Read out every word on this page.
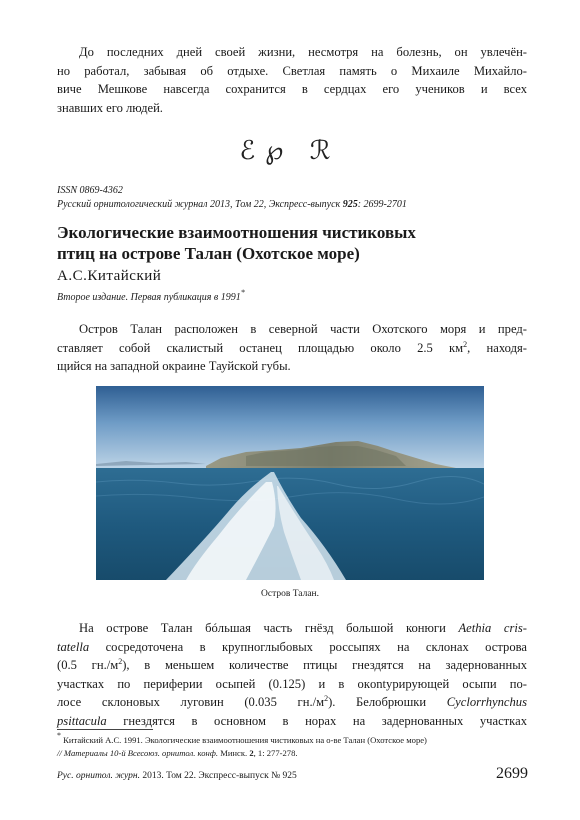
До последних дней своей жизни, несмотря на болезнь, он увлечён-
но работал, забывая об отдыхе. Светлая память о Михаиле Михайло-
виче Мешкове навсегда сохранится в сердцах его учеников и всех
знавших его людей.
ℰ℘ ℛ
ISSN 0869-4362
Русский орнитологический журнал 2013, Том 22, Экспресс-выпуск 925: 2699-2701
Экологические взаимоотношения чистиковых
птиц на острове Талан (Охотское море)
А.С.Китайский
Второе издание. Первая публикация в 1991*
Остров Талан расположен в северной части Охотского моря и пред-
ставляет собой скалистый останец площадью около 2.5 $км^2$, находя-
щийся на западной окраине Тауйской губы.
Остров Талан.
На острове Талан бóльшая часть гнёзд большой конюги Aethia cris-
tatella сосредоточена в крупноглыбовых россыпях на склонах острова
(0.5 $гн./м^2$), в меньшем количестве птицы гнездятся на задернованных
участках по периферии осыпей (0.125) и в окontурирующей осыпи по-
лосе склоновых луговин (0.035 $гн./м^2$). Белобрюшки Cyclorrhynchus
psittacula гнездятся в основном в норах на задернованных участках
* Китайский А.С. 1991. Экологические взаимоотношения чистиковых на о-ве Талан (Охотское море)
// Материалы 10-й Всесоюз. орнитол. конф. Минск. 2, 1: 277-278.
Рус. орнитол. журн. 2013. Том 22. Экспресс-выпуск № 925	2699
